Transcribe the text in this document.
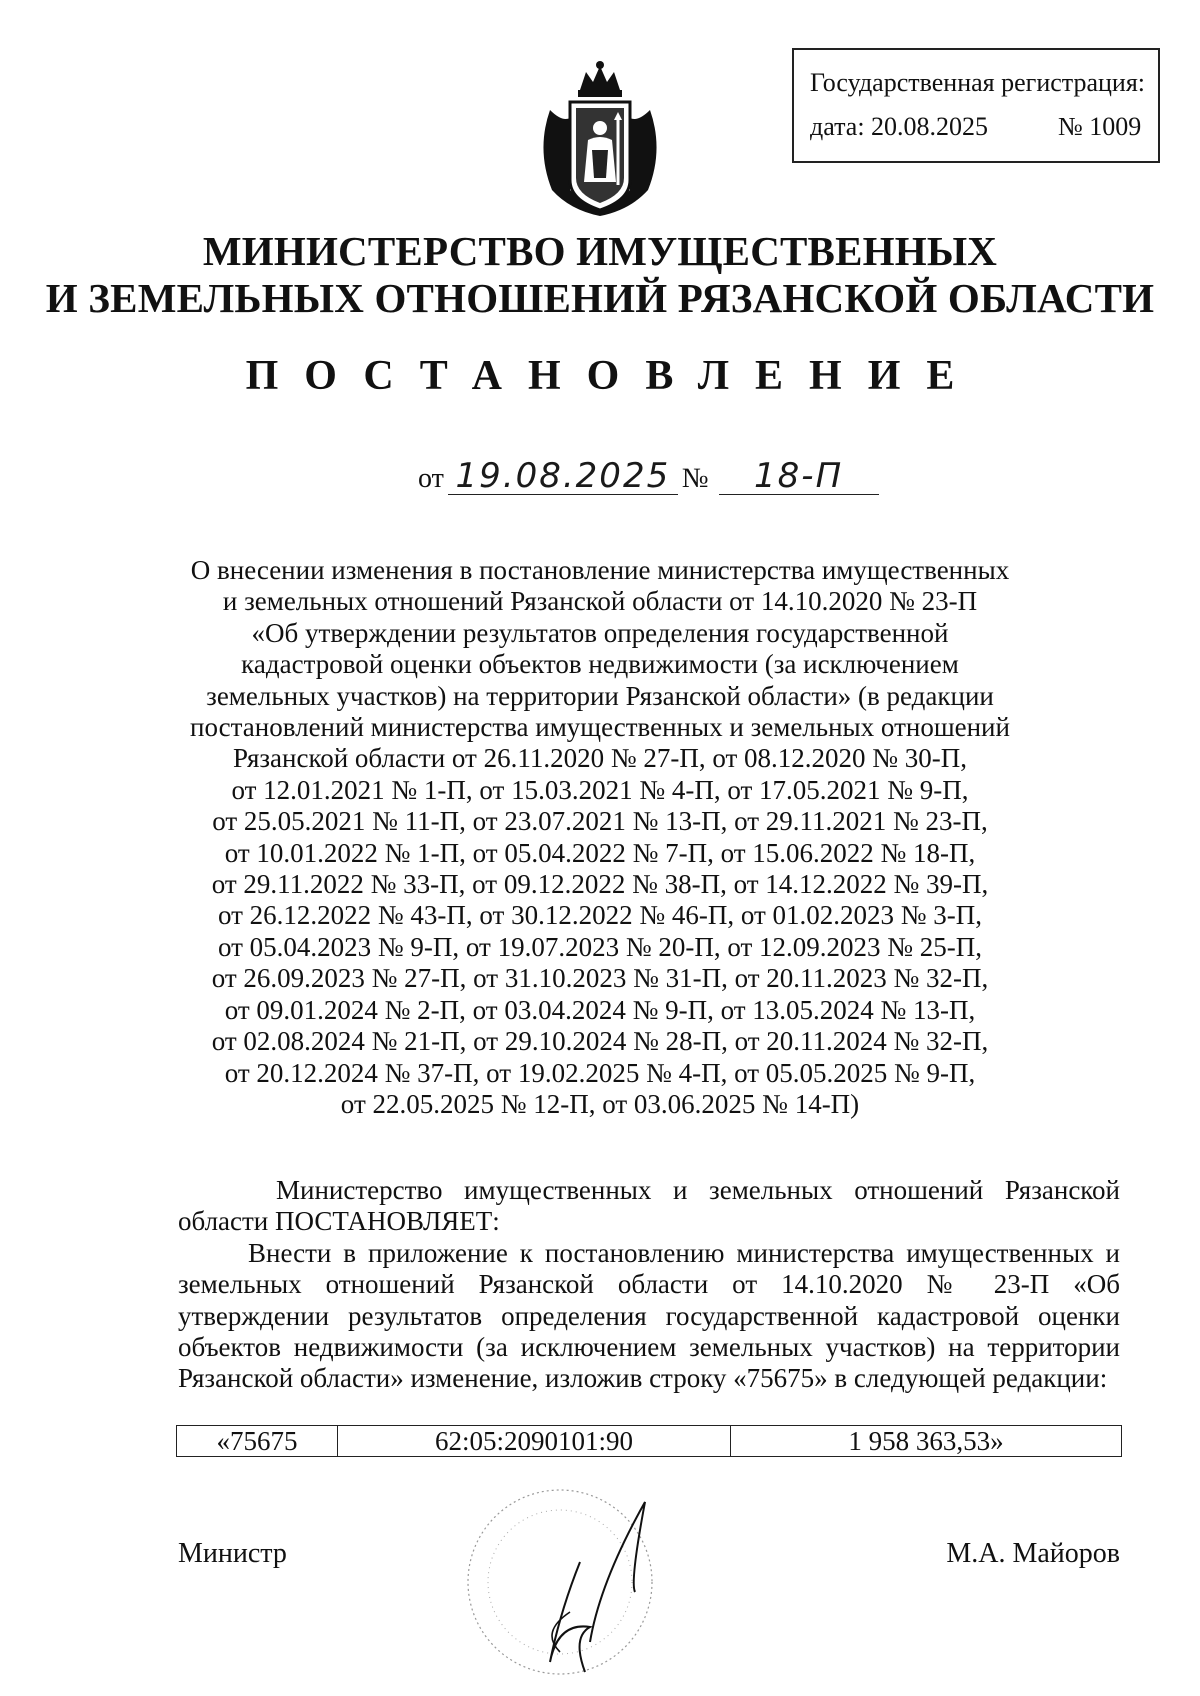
Государственная регистрация:
дата: 20.08.2025	№ 1009
МИНИСТЕРСТВО ИМУЩЕСТВЕННЫХ
И ЗЕМЕЛЬНЫХ ОТНОШЕНИЙ РЯЗАНСКОЙ ОБЛАСТИ
ПОСТАНОВЛЕНИЕ
от 19.08.2025 №	18-П

О внесении изменения в постановление министерства имущественных

и земельных отношений Рязанской области от 14.10.2020 № 23-П

«Об утверждении результатов определения государственной

кадастровой оценки объектов недвижимости (за исключением

земельных участков) на территории Рязанской области» (в редакции

постановлений министерства имущественных и земельных отношений

Рязанской области от 26.11.2020 № 27-П, от 08.12.2020 № 30-П,

от 12.01.2021 № 1-П, от 15.03.2021 № 4-П, от 17.05.2021 № 9-П,

от 25.05.2021 № 11-П, от 23.07.2021 № 13-П, от 29.11.2021 № 23-П,

от 10.01.2022 № 1-П, от 05.04.2022 № 7-П, от 15.06.2022 № 18-П,

от 29.11.2022 № 33-П, от 09.12.2022 № 38-П, от 14.12.2022 № 39-П,

от 26.12.2022 № 43-П, от 30.12.2022 № 46-П, от 01.02.2023 № 3-П,

от 05.04.2023 № 9-П, от 19.07.2023 № 20-П, от 12.09.2023 № 25-П,

от 26.09.2023 № 27-П, от 31.10.2023 № 31-П, от 20.11.2023 № 32-П,

от 09.01.2024 № 2-П, от 03.04.2024 № 9-П, от 13.05.2024 № 13-П,

от 02.08.2024 № 21-П, от 29.10.2024 № 28-П, от 20.11.2024 № 32-П,

от 20.12.2024 № 37-П, от 19.02.2025 № 4-П, от 05.05.2025 № 9-П,

от 22.05.2025 № 12-П, от 03.06.2025 № 14-П)

Министерство имущественных и земельных отношений Рязанской области ПОСТАНОВЛЯЕТ:

Внести в приложение к постановлению министерства имущественных и земельных отношений Рязанской области от 14.10.2020 № 23-П «Об утверждении результатов определения государственной кадастровой оценки объектов недвижимости (за исключением земельных участков) на территории Рязанской области» изменение, изложив строку «75675» в следующей редакции:

«75675	62:05:2090101:90	1 958 363,53»
Министр	М.А. Майоров
